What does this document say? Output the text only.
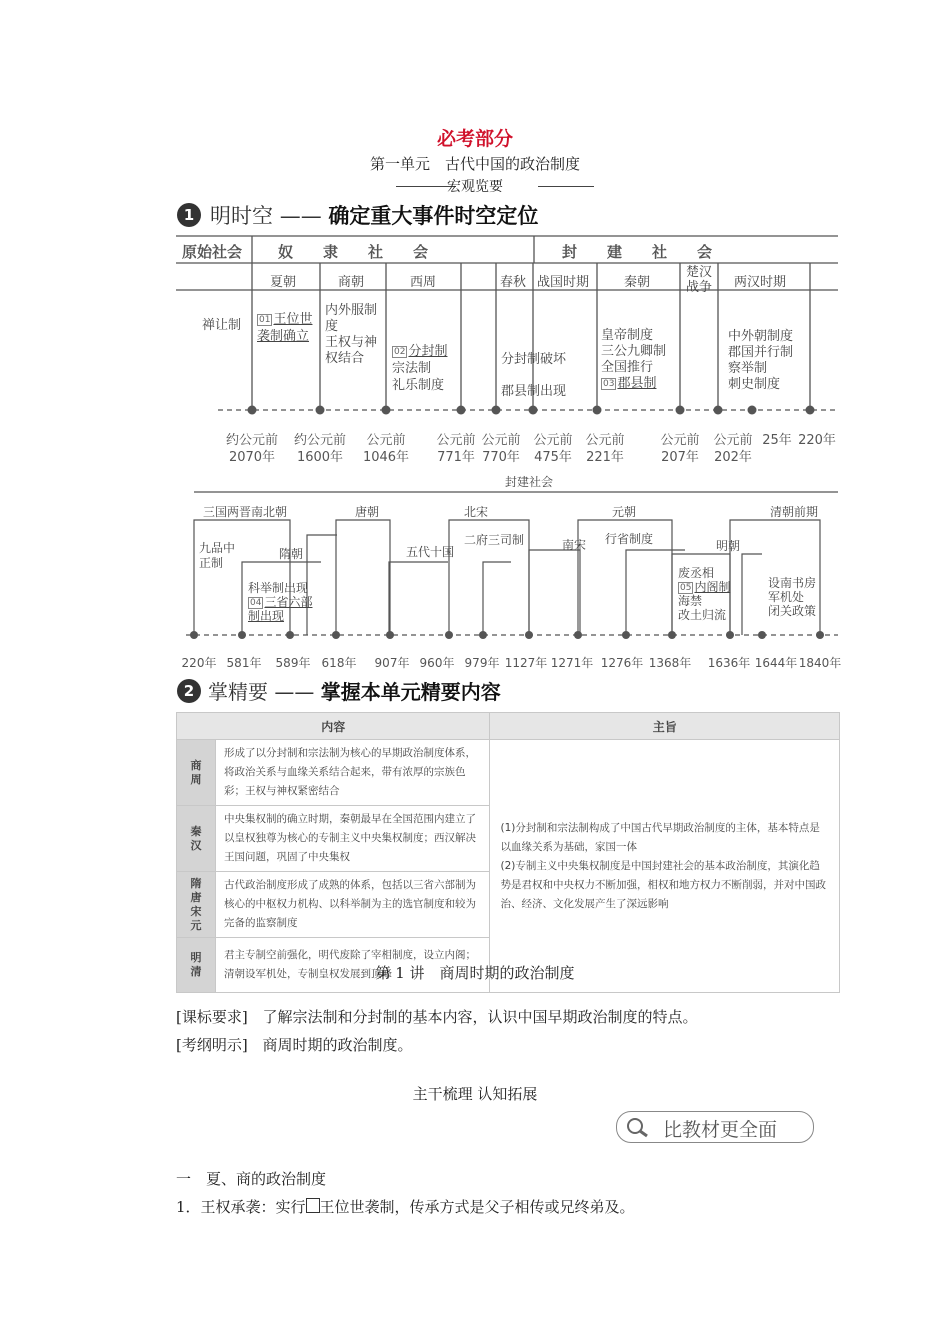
必考部分
第一单元　古代中国的政治制度
宏观览要
1 明时空 —— 确定重大事件时空定位
原始社会 奴　　隶　　社　　会	封　　建　　社　　会
夏朝	商朝	西周	春秋 战国时期	秦朝
楚汉
战争 两汉时期
禅让制 01 王位世
袭制确立
内外服制
度
王权与神
权结合	02 分封制
宗法制
礼乐制度
分封制破坏
郡县制出现
皇帝制度
三公九卿制
全国推行
03 郡县制
中外朝制度
郡国并行制
察举制
刺史制度
约公元前
2070年
约公元前
1600年
公元前
1046年
公元前
771年
公元前
770年
公元前
475年
公元前
221年
公元前
207年
公元前
202年
25年 220年
封建社会
三国两晋南北朝
隋朝
唐朝
五代十国
北宋
南宋
元朝
明朝
清朝前期
九品中
正制
科举制出现
04 三省六部
制出现
二府三司制	行省制度
废丞相
05 内阁制
海禁
改土归流
设南书房
军机处
闭关政策
220年 581年	589年 618年	907年 960年 979年 1127年 1271年 1276年 1368年	1636年 1644年 1840年
2 掌精要 —— 掌握本单元精要内容
内容		主旨
商
周	形成了以分封制和宗法制为核心的早期政治制度体系，将政治关系与血缘关系结合起来，带有浓厚的宗族色彩；王权与神权紧密结合	(1)分封制和宗法制构成了中国古代早期政治制度的主体，基本特点是以血缘关系为基础，家国一体
(2)专制主义中央集权制度是中国封建社会的基本政治制度，其演化趋势是君权和中央权力不断加强，相权和地方权力不断削弱，并对中国政治、经济、文化发展产生了深远影响
秦
汉	中央集权制的确立时期，秦朝最早在全国范围内建立了以皇权独尊为核心的专制主义中央集权制度；西汉解决王国问题，巩固了中央集权	
隋
唐
宋
元	古代政治制度形成了成熟的体系，包括以三省六部制为核心的中枢权力机构、以科举制为主的选官制度和较为完备的监察制度	
明
清	君主专制空前强化，明代废除了宰相制度，设立内阁；清朝设军机处，专制皇权发展到顶峰	
第 1 讲　商周时期的政治制度
[课标要求] 了解宗法制和分封制的基本内容，认识中国早期政治制度的特点。
[考纲明示] 商周时期的政治制度。
主干梳理 认知拓展
比教材更全面
一　夏、商的政治制度
1．王权承袭：实行 王位世袭制，传承方式是父子相传或兄终弟及。
